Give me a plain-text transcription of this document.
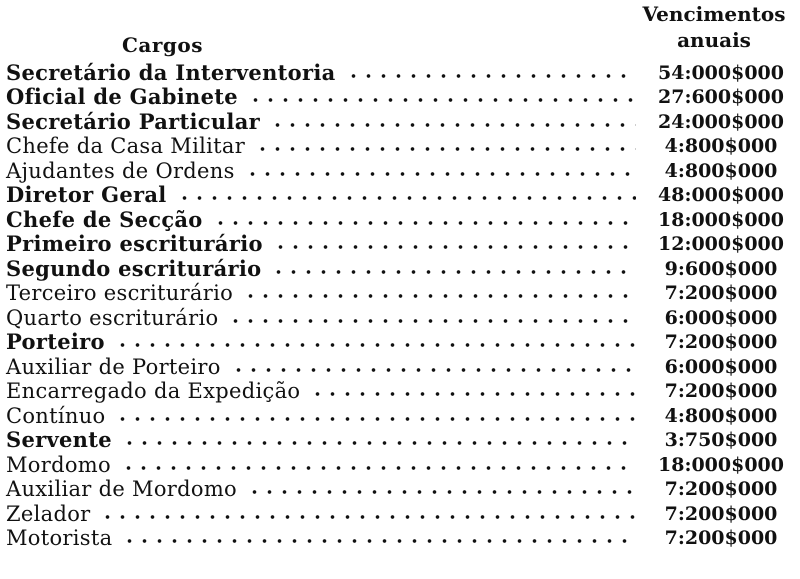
Cargos
Vencimentos
anuais
Secretário da Interventoria	54:000$000
Oficial de Gabinete	27:600$000
Secretário Particular	24:000$000
Chefe da Casa Militar	4:800$000
Ajudantes de Ordens	4:800$000
Diretor Geral	48:000$000
Chefe de Secção	18:000$000
Primeiro escriturário	12:000$000
Segundo escriturário	9:600$000
Terceiro escriturário	7:200$000
Quarto escriturário	6:000$000
Porteiro	7:200$000
Auxiliar de Porteiro	6:000$000
Encarregado da Expedição	7:200$000
Contínuo	4:800$000
Servente	3:750$000
Mordomo	18:000$000
Auxiliar de Mordomo	7:200$000
Zelador	7:200$000
Motorista	7:200$000
